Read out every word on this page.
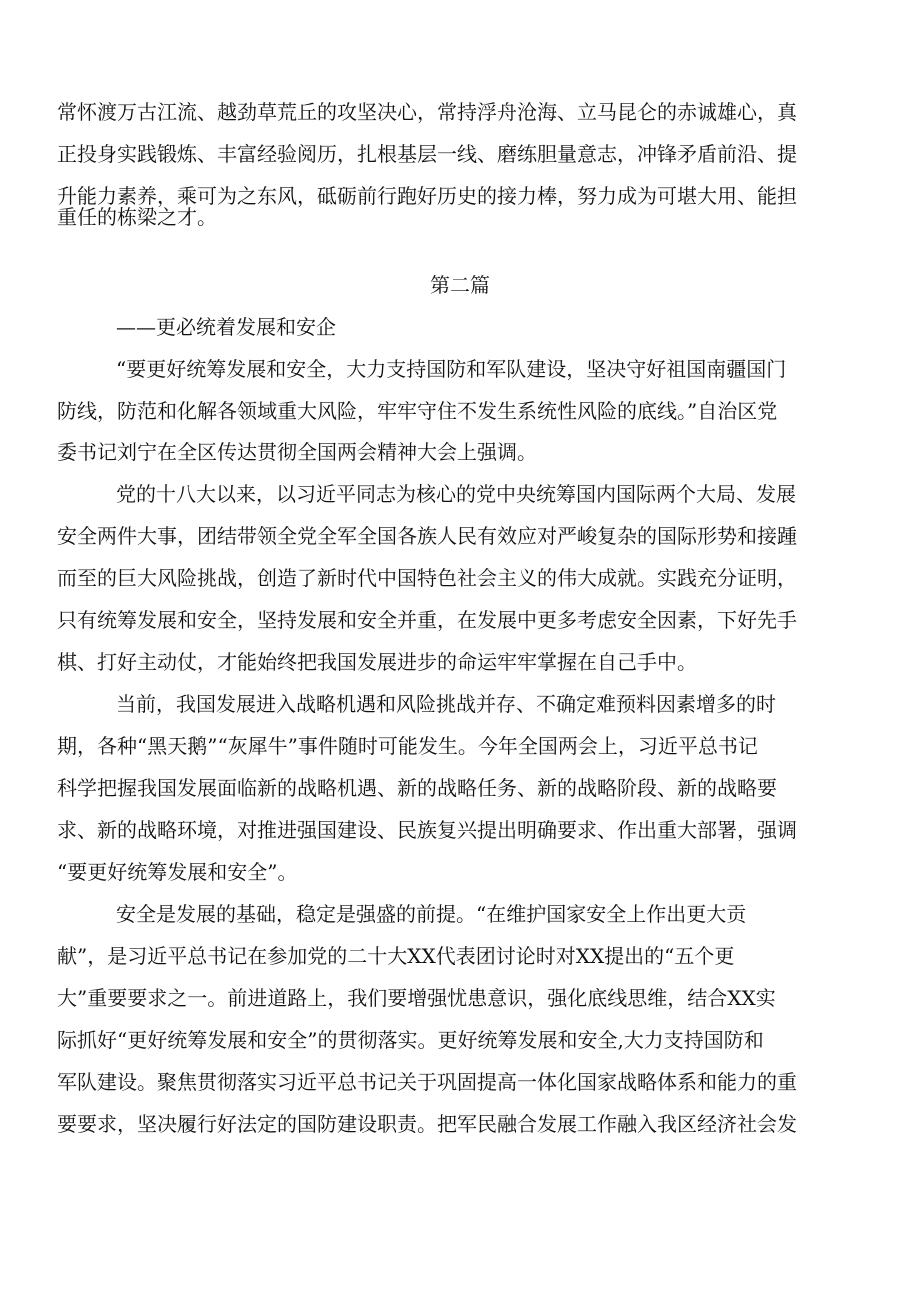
常怀渡万古江流、越劲草荒丘的攻坚决心，常持浮舟沧海、立马昆仑的赤诚雄心，真
正投身实践锻炼、丰富经验阅历，扎根基层一线、磨练胆量意志，冲锋矛盾前沿、提
升能力素养，乘可为之东风，砥砺前行跑好历史的接力棒，努力成为可堪大用、能担
重任的栋梁之才。
第二篇
——更必统着发展和安企
“要更好统筹发展和安全，大力支持国防和军队建设，坚决守好祖国南疆国门
防线，防范和化解各领域重大风险，牢牢守住不发生系统性风险的底线。”自治区党
委书记刘宁在全区传达贯彻全国两会精神大会上强调。
党的十八大以来，以习近平同志为核心的党中央统筹国内国际两个大局、发展
安全两件大事，团结带领全党全军全国各族人民有效应对严峻复杂的国际形势和接踵
而至的巨大风险挑战，创造了新时代中国特色社会主义的伟大成就。实践充分证明，
只有统筹发展和安全，坚持发展和安全并重，在发展中更多考虑安全因素，下好先手
棋、打好主动仗，才能始终把我国发展进步的命运牢牢掌握在自己手中。
当前，我国发展进入战略机遇和风险挑战并存、不确定难预料因素增多的时
期，各种“黑天鹅”“灰犀牛”事件随时可能发生。今年全国两会上，习近平总书记
科学把握我国发展面临新的战略机遇、新的战略任务、新的战略阶段、新的战略要
求、新的战略环境，对推进强国建设、民族复兴提出明确要求、作出重大部署，强调
“要更好统筹发展和安全”。
安全是发展的基础，稳定是强盛的前提。“在维护国家安全上作出更大贡
献”，是习近平总书记在参加党的二十大XX代表团讨论时对XX提出的“五个更
大”重要要求之一。前进道路上，我们要增强忧患意识，强化底线思维，结合XX实
际抓好“更好统筹发展和安全”的贯彻落实。更好统筹发展和安全,大力支持国防和
军队建设。聚焦贯彻落实习近平总书记关于巩固提高一体化国家战略体系和能力的重
要要求，坚决履行好法定的国防建设职责。把军民融合发展工作融入我区经济社会发
